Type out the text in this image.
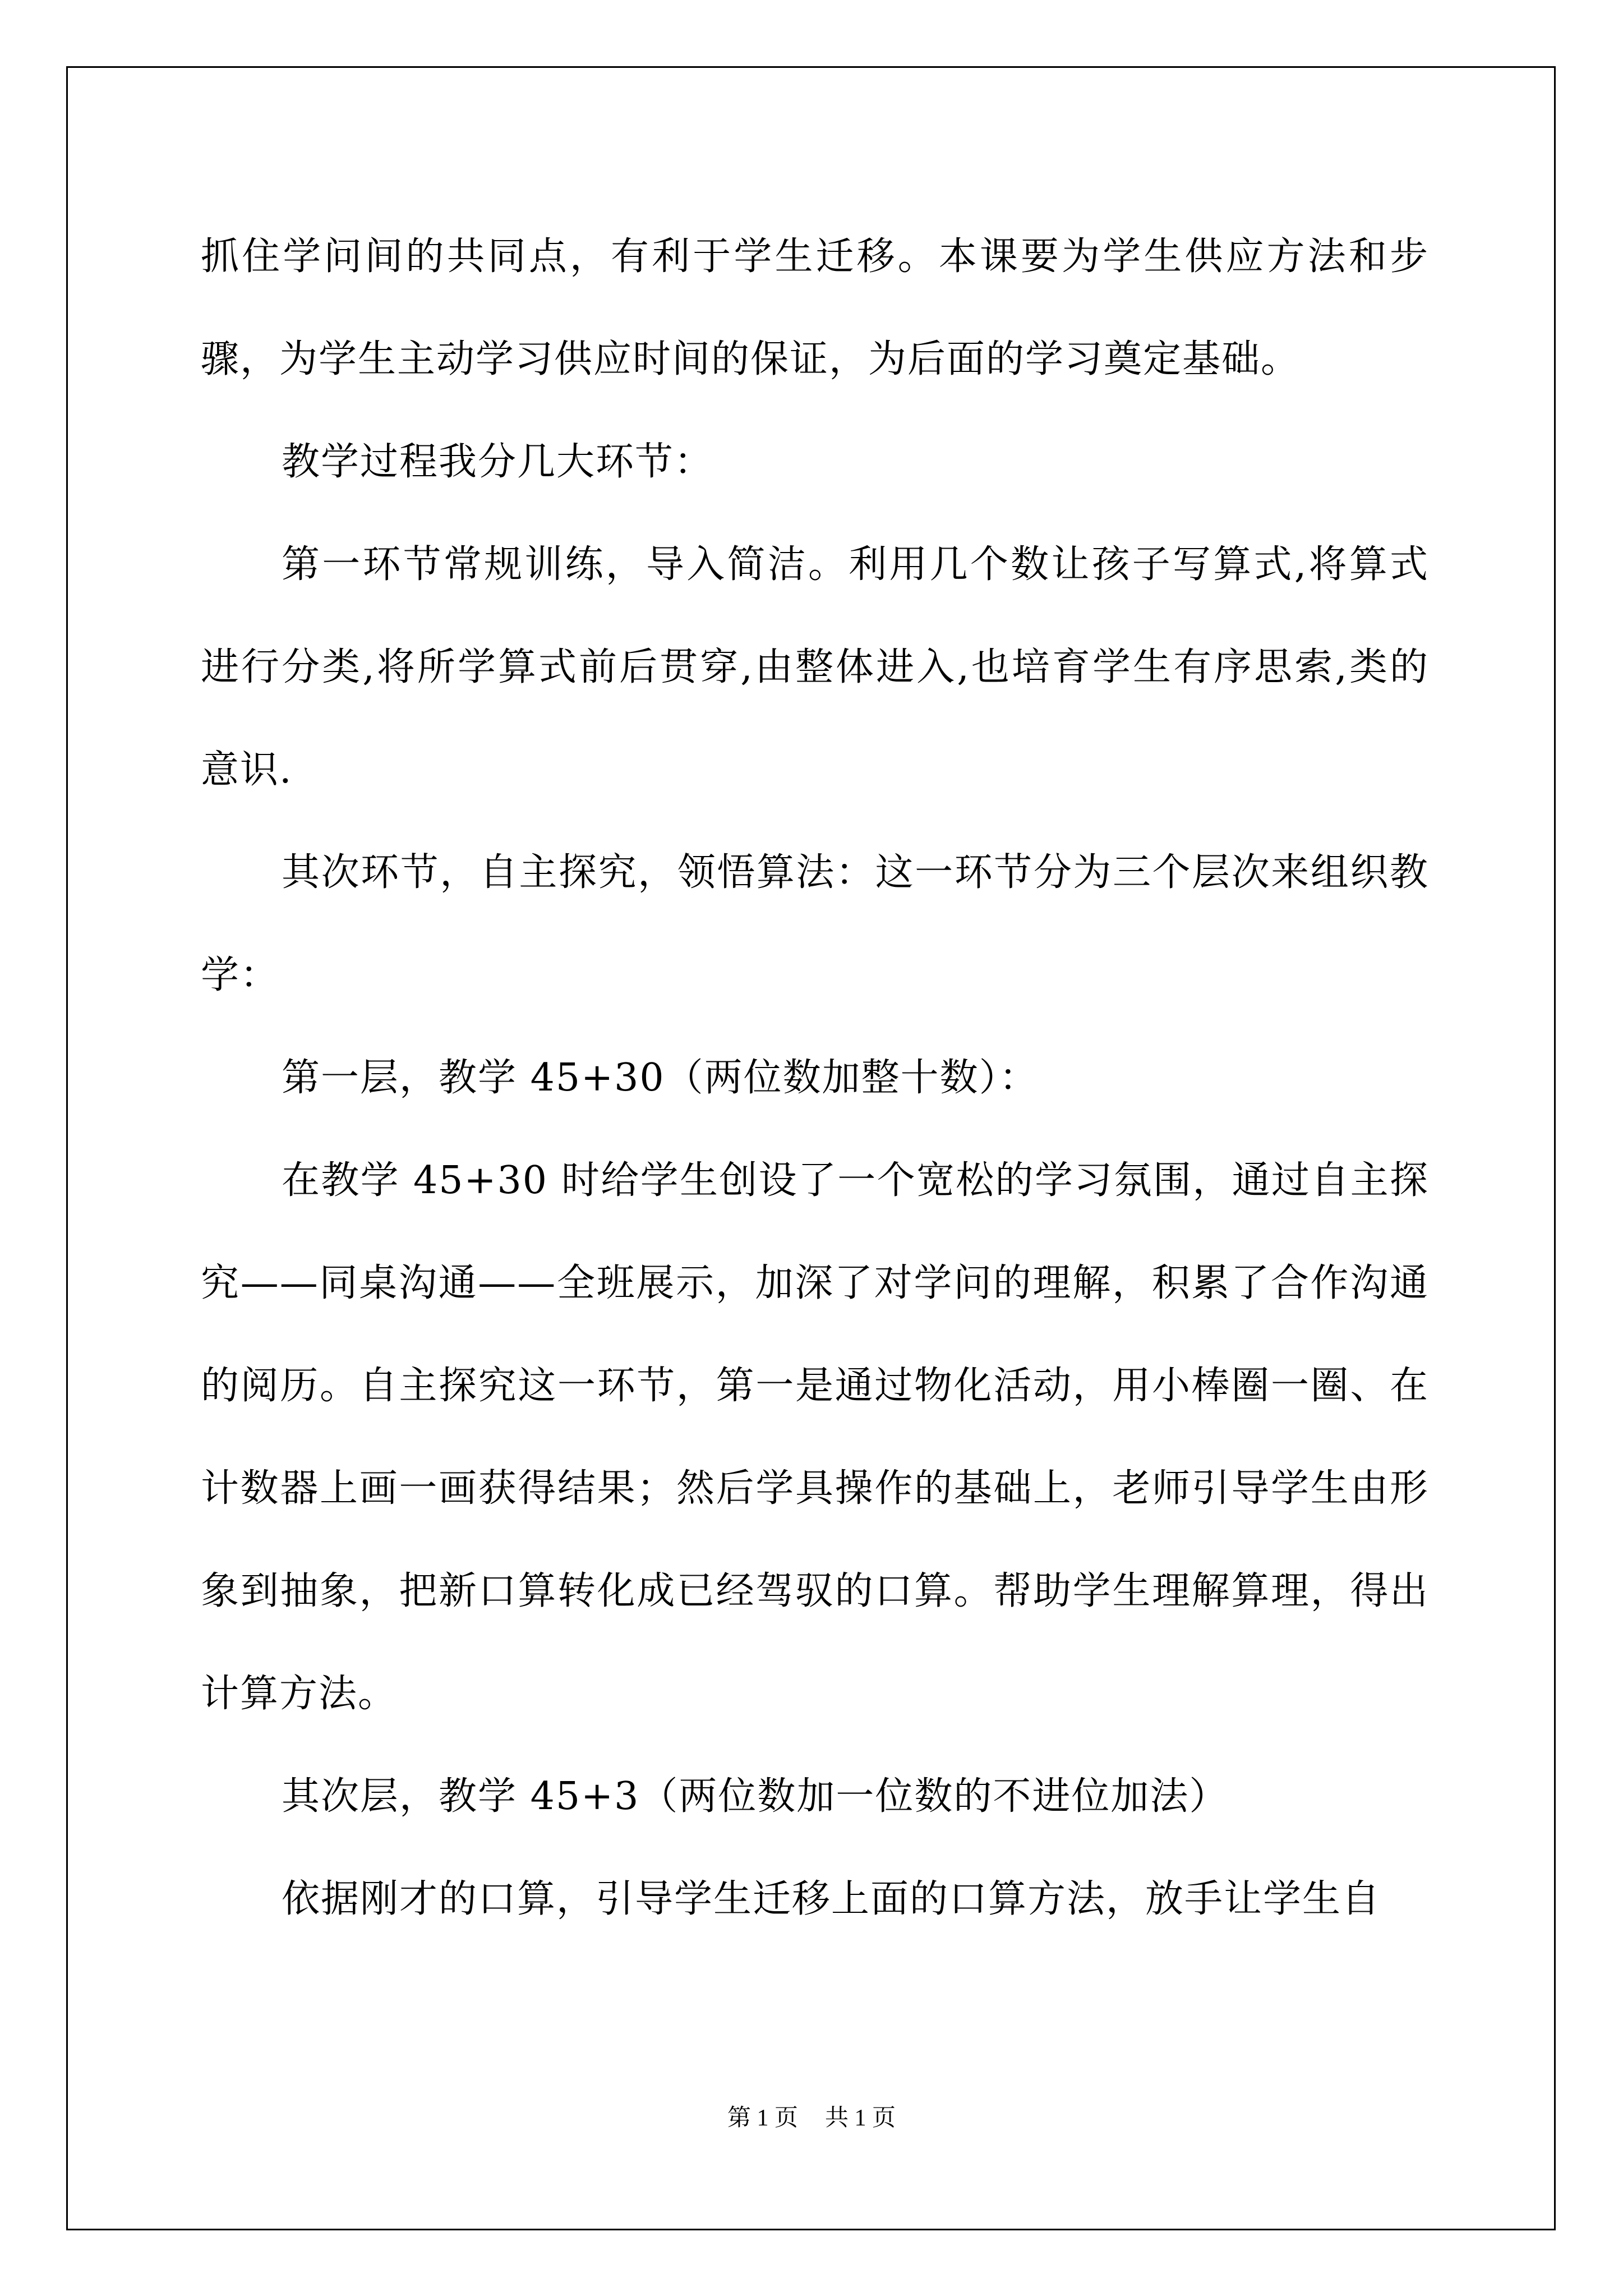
抓住学问间的共同点，有利于学生迁移。本课要为学生供应方法和步骤，为学生主动学习供应时间的保证，为后面的学习奠定基础。

教学过程我分几大环节：

第一环节常规训练，导入简洁。利用几个数让孩子写算式,将算式进行分类,将所学算式前后贯穿,由整体进入,也培育学生有序思索,类的意识.

其次环节，自主探究，领悟算法：这一环节分为三个层次来组织教学：

第一层，教学 45+30（两位数加整十数）：

在教学 45+30 时给学生创设了一个宽松的学习氛围，通过自主探究——同桌沟通——全班展示，加深了对学问的理解，积累了合作沟通的阅历。自主探究这一环节，第一是通过物化活动，用小棒圈一圈、在计数器上画一画获得结果；然后学具操作的基础上，老师引导学生由形象到抽象，把新口算转化成已经驾驭的口算。帮助学生理解算理，得出计算方法。

其次层，教学 45+3（两位数加一位数的不进位加法）

依据刚才的口算，引导学生迁移上面的口算方法，放手让学生自

第 1 页 共 1 页
